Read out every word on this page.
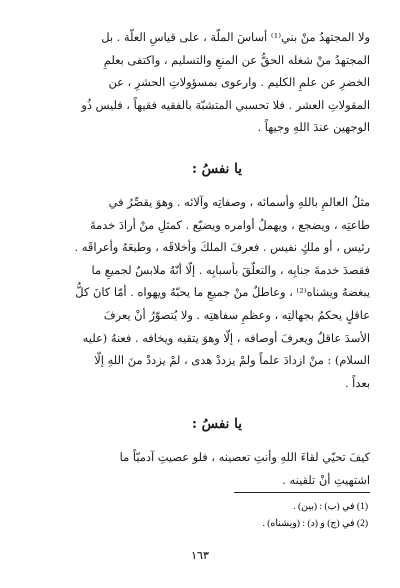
ولا المجتهدُ منْ بني⁽¹⁾ أساسَ الملّة ، على قياسِ العلّة . بل
المجتهدُ منْ شغله الحقُّ عن المنعِ والتسليم ، واكتفى بعلمِ
الخضرِ عن علمِ الكليم . وارعوى بمسؤولاتِ الحشرِ ، عن
المقولاتِ العشر . فلا تحسبي المتشبّهَ بالفقيه فقيهاً ، فليس ذُو
الوجهين عندَ اللهِ وجيهاً .
يا نفسُ :
مثلُ العالمِ باللهِ وأسمائه ، وصفاتِه وآلائه . وهوَ يقصِّرُ في
طاعتِه ، ويضجع ، ويهملُ أوامره ويضيّع . كمثلِ منْ أرادَ خدمةَ
رئيس ، أو ملكٍ نفيس . فعرفَ الملكَ وأخلاقَه ، وطبعَهُ وأعراقَه .
فقصدَ خدمةَ جنابِه ، والتعلّقَ بأسبابِه . إلّا أنّهُ ملابسٌ لجميعِ ما
يبغضهُ ويشناه⁽²⁾ ، وعاطلٌ منْ جميعِ ما يحبّهُ ويهواه . أمّا كانَ كلُّ
عاقلٍ يحكمُ بجهالتِه ، وعظمِ سفاهتِه . ولا يُتصوّرُ أنْ يعرفَ
الأسدَ عاقلٌ ويعرفَ أوصافه ، إلّا وهوَ يتقيه ويخافه . فعنهُ (عليه
السلام) : منْ ازدادَ علماً ولمْ يزددْ هدى ، لمْ يزددْ منَ اللهِ إلّا
بعداً .
يا نفسُ :
كيفَ تحيّي لقاءَ اللهِ وأنتِ تعصينه ، فلو عصيتِ آدميّاً ما
اشتهيتِ أنْ تلقينه .
(1) في (ب) : (بين) .
(2) في (ج) و (د) : (ويشناه) .
١٦٣
